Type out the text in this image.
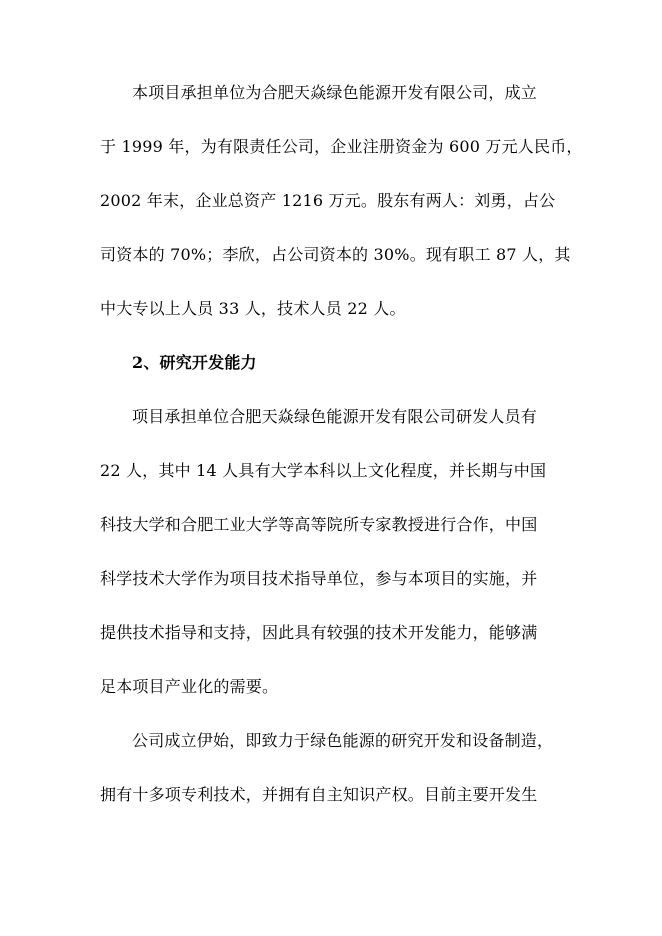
本项目承担单位为合肥天焱绿色能源开发有限公司，成立
于 1999 年，为有限责任公司，企业注册资金为 600 万元人民币，
2002 年末，企业总资产 1216 万元。股东有两人：刘勇，占公
司资本的 70%；李欣，占公司资本的 30%。现有职工 87 人，其
中大专以上人员 33 人，技术人员 22 人。
2、研究开发能力
项目承担单位合肥天焱绿色能源开发有限公司研发人员有
22 人，其中 14 人具有大学本科以上文化程度，并长期与中国
科技大学和合肥工业大学等高等院所专家教授进行合作，中国
科学技术大学作为项目技术指导单位，参与本项目的实施，并
提供技术指导和支持，因此具有较强的技术开发能力，能够满
足本项目产业化的需要。
公司成立伊始，即致力于绿色能源的研究开发和设备制造，
拥有十多项专利技术，并拥有自主知识产权。目前主要开发生
